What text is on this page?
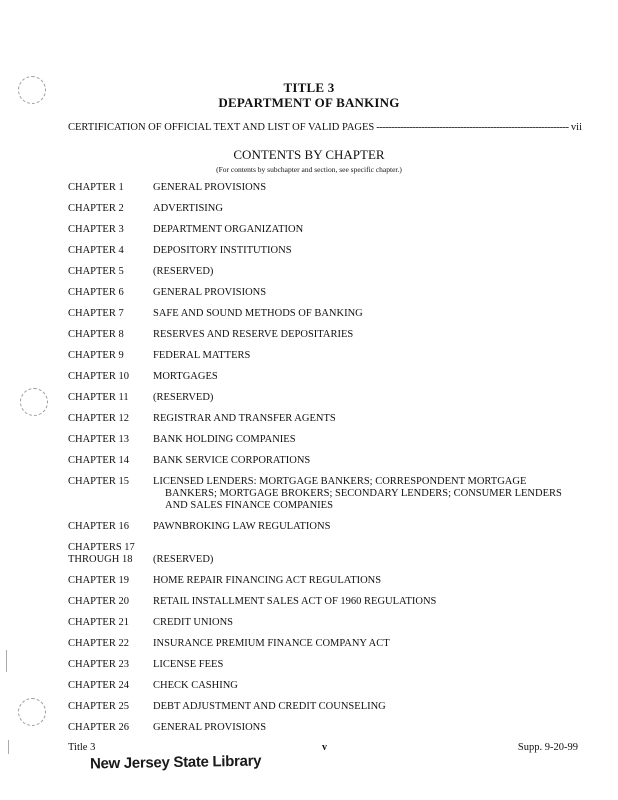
TITLE 3
DEPARTMENT OF BANKING
CERTIFICATION OF OFFICIAL TEXT AND LIST OF VALID PAGES
-----	vii
CONTENTS BY CHAPTER
(For contents by subchapter and section, see specific chapter.)
CHAPTER 1	GENERAL PROVISIONS
CHAPTER 2	ADVERTISING
CHAPTER 3	DEPARTMENT ORGANIZATION
CHAPTER 4	DEPOSITORY INSTITUTIONS
CHAPTER 5	(RESERVED)
CHAPTER 6	GENERAL PROVISIONS
CHAPTER 7	SAFE AND SOUND METHODS OF BANKING
CHAPTER 8	RESERVES AND RESERVE DEPOSITARIES
CHAPTER 9	FEDERAL MATTERS
CHAPTER 10	MORTGAGES
CHAPTER 11	(RESERVED)
CHAPTER 12	REGISTRAR AND TRANSFER AGENTS
CHAPTER 13	BANK HOLDING COMPANIES
CHAPTER 14	BANK SERVICE CORPORATIONS
CHAPTER 15	LICENSED LENDERS: MORTGAGE BANKERS; CORRESPONDENT MORTGAGE BANKERS; MORTGAGE BROKERS; SECONDARY LENDERS; CONSUMER LENDERS AND SALES FINANCE COMPANIES
CHAPTER 16	PAWNBROKING LAW REGULATIONS
CHAPTERS 17 THROUGH 18	(RESERVED)
CHAPTER 19	HOME REPAIR FINANCING ACT REGULATIONS
CHAPTER 20	RETAIL INSTALLMENT SALES ACT OF 1960 REGULATIONS
CHAPTER 21	CREDIT UNIONS
CHAPTER 22	INSURANCE PREMIUM FINANCE COMPANY ACT
CHAPTER 23	LICENSE FEES
CHAPTER 24	CHECK CASHING
CHAPTER 25	DEBT ADJUSTMENT AND CREDIT COUNSELING
CHAPTER 26	GENERAL PROVISIONS
Title 3	v	Supp. 9-20-99
New Jersey State Library
